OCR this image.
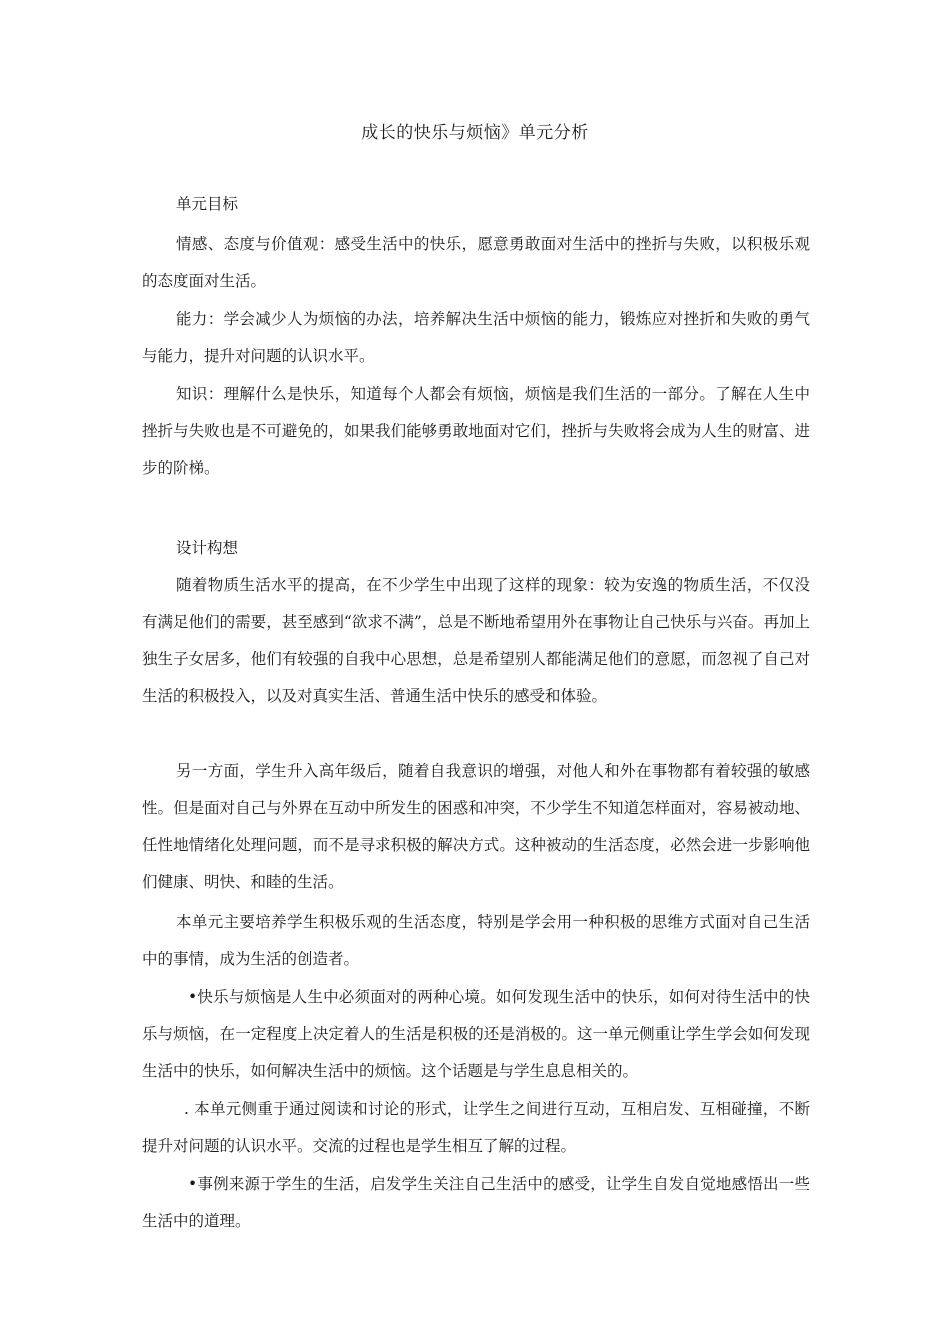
成长的快乐与烦恼》单元分析
单元目标

情感、态度与价值观：感受生活中的快乐，愿意勇敢面对生活中的挫折与失败，以积极乐观的态度面对生活。

能力：学会减少人为烦恼的办法，培养解决生活中烦恼的能力，锻炼应对挫折和失败的勇气与能力，提升对问题的认识水平。

知识：理解什么是快乐，知道每个人都会有烦恼，烦恼是我们生活的一部分。了解在人生中挫折与失败也是不可避免的，如果我们能够勇敢地面对它们，挫折与失败将会成为人生的财富、进步的阶梯。

设计构想

随着物质生活水平的提高，在不少学生中出现了这样的现象：较为安逸的物质生活，不仅没有满足他们的需要，甚至感到“欲求不满”，总是不断地希望用外在事物让自己快乐与兴奋。再加上独生子女居多，他们有较强的自我中心思想，总是希望别人都能满足他们的意愿，而忽视了自己对生活的积极投入，以及对真实生活、普通生活中快乐的感受和体验。

另一方面，学生升入高年级后，随着自我意识的增强，对他人和外在事物都有着较强的敏感性。但是面对自己与外界在互动中所发生的困惑和冲突，不少学生不知道怎样面对，容易被动地、任性地情绪化处理问题，而不是寻求积极的解决方式。这种被动的生活态度，必然会进一步影响他们健康、明快、和睦的生活。

本单元主要培养学生积极乐观的生活态度，特别是学会用一种积极的思维方式面对自己生活中的事情，成为生活的创造者。

•快乐与烦恼是人生中必须面对的两种心境。如何发现生活中的快乐，如何对待生活中的快乐与烦恼，在一定程度上决定着人的生活是积极的还是消极的。这一单元侧重让学生学会如何发现生活中的快乐，如何解决生活中的烦恼。这个话题是与学生息息相关的。

. 本单元侧重于通过阅读和讨论的形式，让学生之间进行互动，互相启发、互相碰撞，不断提升对问题的认识水平。交流的过程也是学生相互了解的过程。

•事例来源于学生的生活，启发学生关注自己生活中的感受，让学生自发自觉地感悟出一些生活中的道理。
